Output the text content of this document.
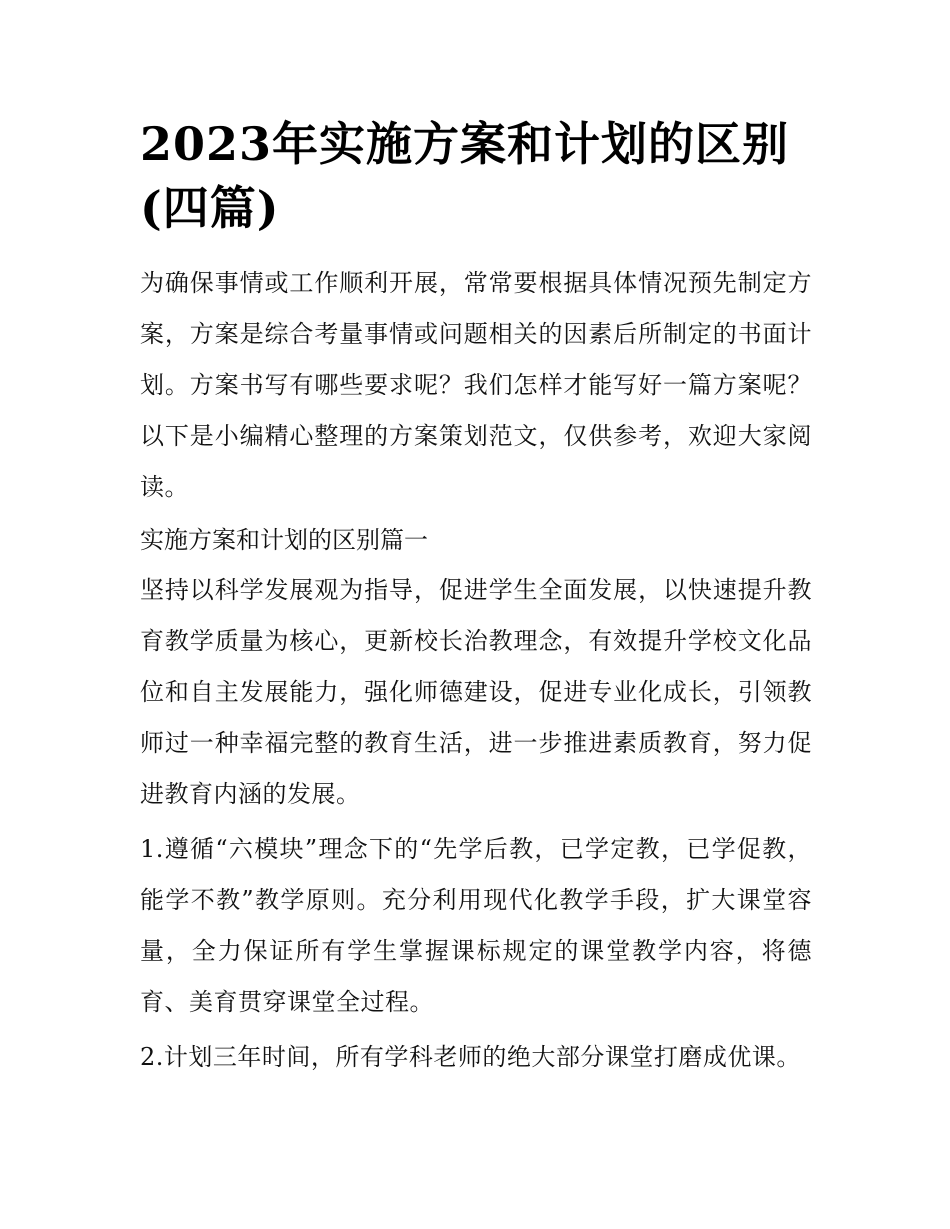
2023年实施方案和计划的区别(四篇)

为确保事情或工作顺利开展，常常要根据具体情况预先制定方案，方案是综合考量事情或问题相关的因素后所制定的书面计划。方案书写有哪些要求呢？我们怎样才能写好一篇方案呢？以下是小编精心整理的方案策划范文，仅供参考，欢迎大家阅读。

实施方案和计划的区别篇一

坚持以科学发展观为指导，促进学生全面发展，以快速提升教育教学质量为核心，更新校长治教理念，有效提升学校文化品位和自主发展能力，强化师德建设，促进专业化成长，引领教师过一种幸福完整的教育生活，进一步推进素质教育，努力促进教育内涵的发展。

1.遵循“六模块”理念下的“先学后教，已学定教，已学促教，能学不教”教学原则。充分利用现代化教学手段，扩大课堂容量，全力保证所有学生掌握课标规定的课堂教学内容，将德育、美育贯穿课堂全过程。

2.计划三年时间，所有学科老师的绝大部分课堂打磨成优课。
